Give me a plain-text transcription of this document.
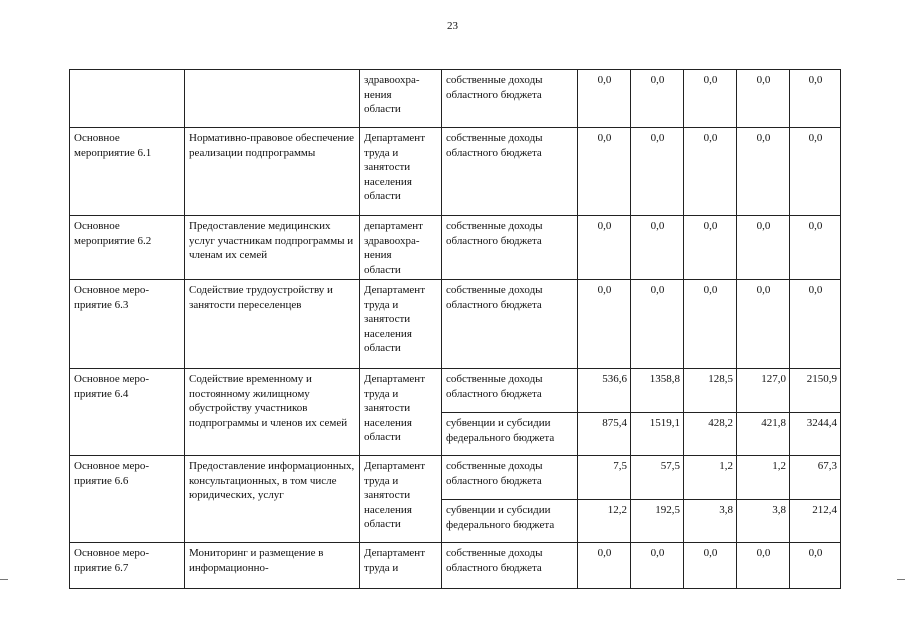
23
		здравоохра-
нения
области	собственные доходы областного бюджета	0,0	0,0	0,0	0,0	0,0
Основное мероприятие 6.1	Нормативно-правовое обеспечение реализации подпрограммы	Департамент труда и занятости населения области	собственные доходы областного бюджета	0,0	0,0	0,0	0,0	0,0
Основное мероприятие 6.2	Предоставление медицинских услуг участникам подпрограммы и членам их семей	департамент здравоохра-
нения
области	собственные доходы областного бюджета	0,0	0,0	0,0	0,0	0,0
Основное меро-
приятие 6.3	Содействие трудоустройству и занятости переселенцев	Департамент труда и занятости населения области	собственные доходы областного бюджета	0,0	0,0	0,0	0,0	0,0
Основное меро-
приятие 6.4	Содействие временному и постоянному жилищному обустройству участников подпрограммы и членов их семей	Департамент труда и занятости населения области	собственные доходы областного бюджета	536,6	1358,8	128,5	127,0	2150,9
			субвенции и субсидии федерального бюджета	875,4	1519,1	428,2	421,8	3244,4
Основное меро-
приятие 6.6	Предоставление информационных, консультационных, в том числе юридических, услуг	Департамент труда и занятости населения области	собственные доходы областного бюджета	7,5	57,5	1,2	1,2	67,3
			субвенции и субсидии федерального бюджета	12,2	192,5	3,8	3,8	212,4
Основное меро-
приятие 6.7	Мониторинг и размещение в информационно-	Департамент труда и	собственные доходы областного бюджета	0,0	0,0	0,0	0,0	0,0
